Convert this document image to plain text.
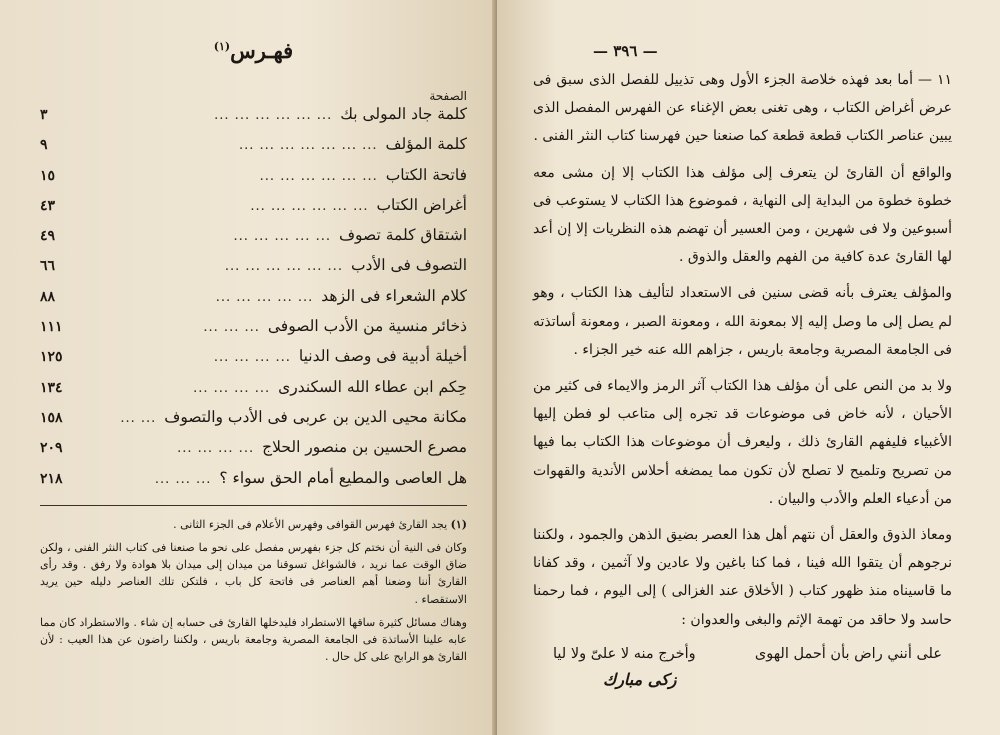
فهـرس$^{(١)}$
الصفحة
كلمة جاد المولى بك
... ... ... ... ... ...
٣
كلمة المؤلف
... ... ... ... ... ... ...
٩
فاتحة الكتاب
... ... ... ... ... ...
١٥
أغراض الكتاب
... ... ... ... ... ...
٤٣
اشتقاق كلمة تصوف
... ... ... ... ...
٤٩
التصوف فى الأدب
... ... ... ... ... ...
٦٦
كلام الشعراء فى الزهد
... ... ... ... ...
٨٨
ذخائر منسية من الأدب الصوفى
... ... ...
١١١
أخيلة أدبية فى وصف الدنيا
... ... ... ...
١٢٥
حِكم ابن عطاء الله السكندرى
... ... ... ...
١٣٤
مكانة محيى الدين بن عربى فى الأدب والتصوف
... ...
١٥٨
مصرع الحسين بن منصور الحلاج
... ... ... ...
٢٠٩
هل العاصى والمطيع أمام الحق سواء ؟
... ... ...
٢١٨

(١) يجد القارئ فهرس القوافى وفهرس الأعلام فى الجزء الثانى .

وكان فى النية أن نختم كل جزء بفهرس مفصل على نحو ما صنعنا فى كتاب النثر الفنى ، ولكن ضاق الوقت عما نريد ، فالشواغل تسوقنا من ميدان إلى ميدان بلا هوادة ولا رفق . وقد رأى القارئ أننا وضعنا أهم العناصر فى فاتحة كل باب ، فلتكن تلك العناصر دليله حين يريد الاستقصاء .

وهناك مسائل كثيرة ساقها الاستطراد فليدخلها القارئ فى حسابه إن شاء . والاستطراد كان مما عابه علينا الأساتذة فى الجامعة المصرية وجامعة باريس ، ولكننا راضون عن هذا العيب : لأن القارئ هو الرابح على كل حال .

— ٣٩٦ —

١١ — أما بعد فهذه خلاصة الجزء الأول وهى تذييل للفصل الذى سبق فى عرض أغراض الكتاب ، وهى تغنى بعض الإغناء عن الفهرس المفصل الذى يبين عناصر الكتاب قطعة قطعة كما صنعنا حين فهرسنا كتاب النثر الفنى .

والواقع أن القارئ لن يتعرف إلى مؤلف هذا الكتاب إلا إن مشى معه خطوة خطوة من البداية إلى النهاية ، فموضوع هذا الكتاب لا يستوعب فى أسبوعين ولا فى شهرين ، ومن العسير أن تهضم هذه النظريات إلا إن أعد لها القارئ عدة كافية من الفهم والعقل والذوق .

والمؤلف يعترف بأنه قضى سنين فى الاستعداد لتأليف هذا الكتاب ، وهو لم يصل إلى ما وصل إليه إلا بمعونة الله ، ومعونة الصبر ، ومعونة أساتذته فى الجامعة المصرية وجامعة باريس ، جزاهم الله عنه خير الجزاء .

ولا بد من النص على أن مؤلف هذا الكتاب آثر الرمز والايماء فى كثير من الأحيان ، لأنه خاض فى موضوعات قد تجره إلى متاعب لو فطن إليها الأغبياء فليفهم القارئ ذلك ، وليعرف أن موضوعات هذا الكتاب بما فيها من تصريح وتلميح لا تصلح لأن تكون مما يمضغه أحلاس الأندية والقهوات من أدعياء العلم والأدب والبيان .

ومعاذ الذوق والعقل أن نتهم أهل هذا العصر بضيق الذهن والجمود ، ولكننا نرجوهم أن يتقوا الله فينا ، فما كنا باغين ولا عادين ولا آثمين ، وقد كفانا ما قاسيناه منذ ظهور كتاب ( الأخلاق عند الغزالى ) إلى اليوم ، فما رحمنا حاسد ولا حاقد من تهمة الإثم والبغى والعدوان :

على أنني راض بأن أحمل الهوى
وأخرج منه لا علىّ ولا ليا
زكى مبارك
